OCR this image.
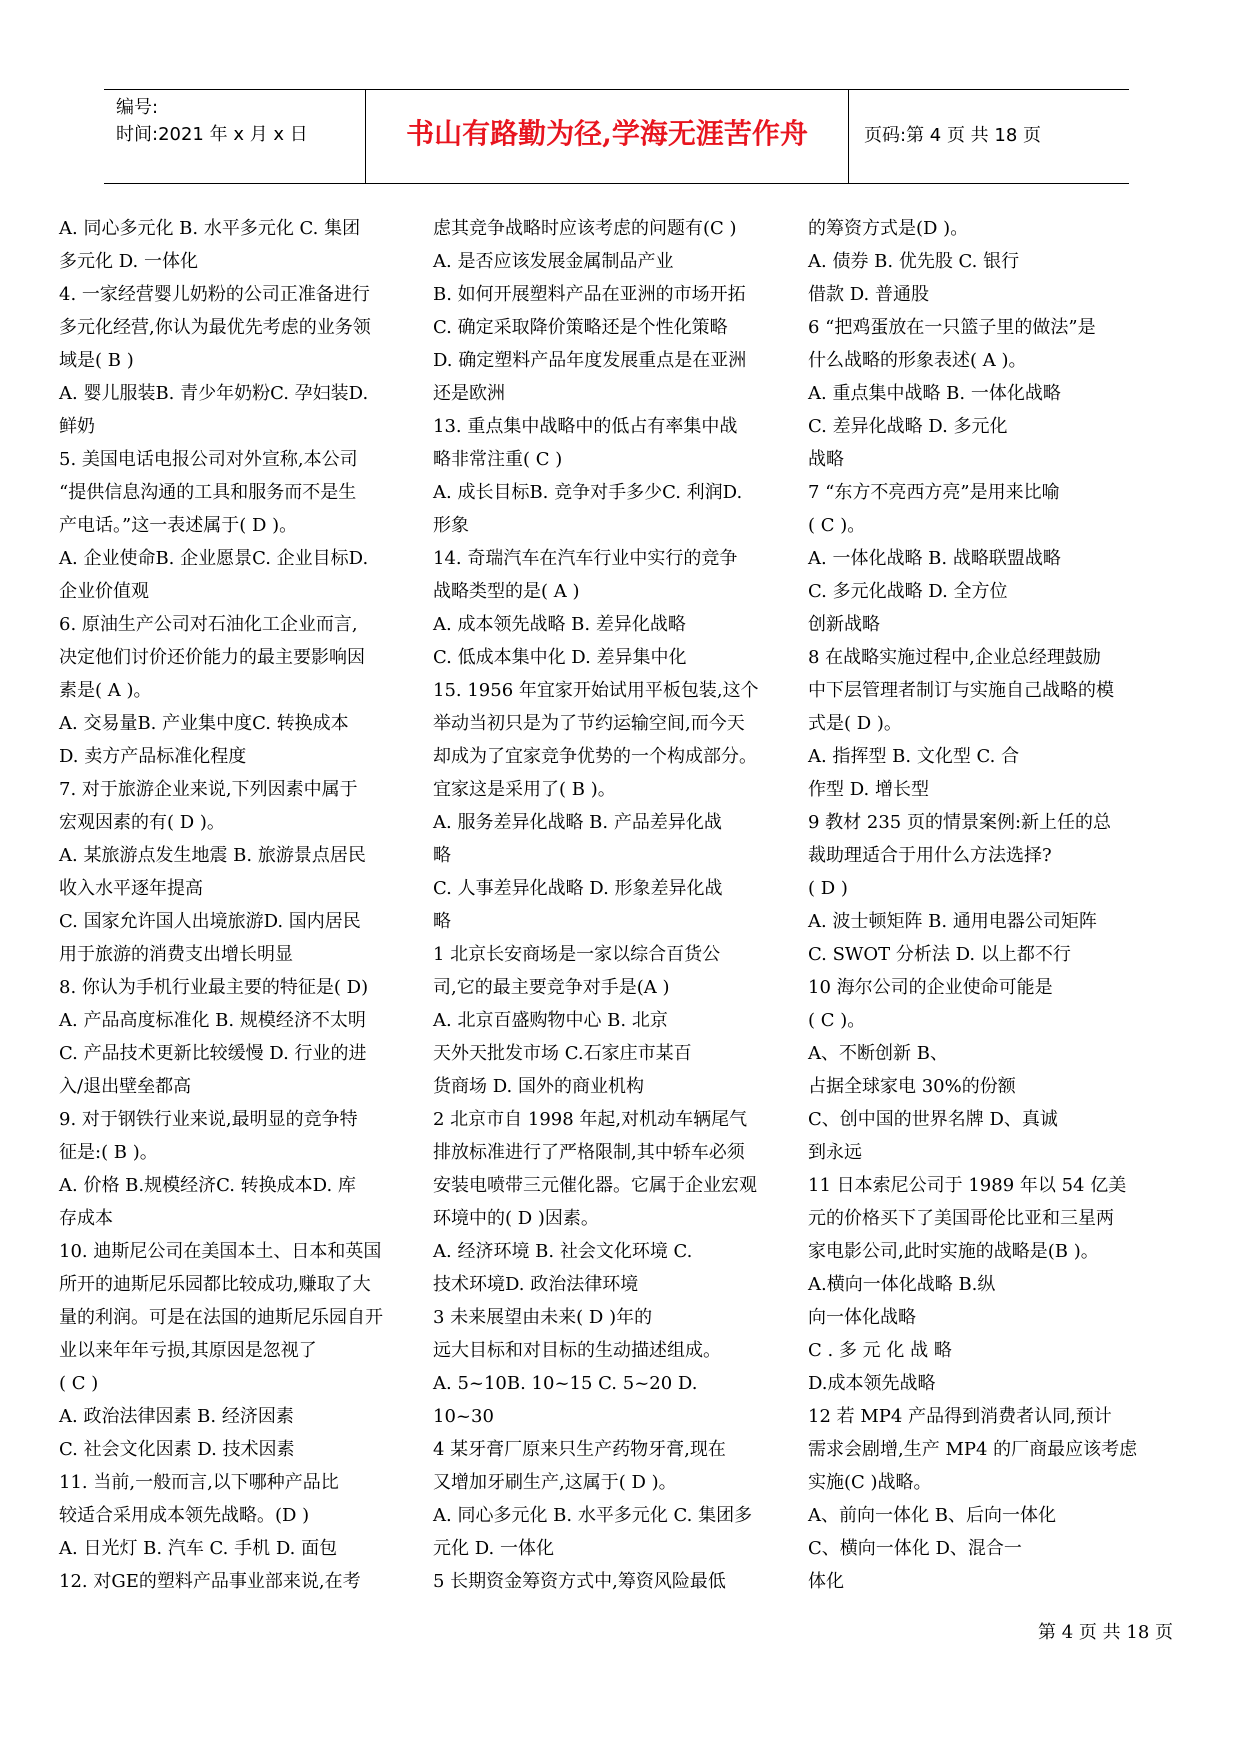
编号:
时间:2021 年 x 月 x 日	书山有路勤为径,学海无涯苦作舟	页码:第 4 页 共 18 页
A. 同心多元化 B. 水平多元化 C. 集团
多元化 D. 一体化
4. 一家经营婴儿奶粉的公司正准备进行
多元化经营,你认为最优先考虑的业务领
域是( B )
A. 婴儿服装B. 青少年奶粉C. 孕妇装D.
鲜奶
5. 美国电话电报公司对外宣称,本公司
“提供信息沟通的工具和服务而不是生
产电话。”这一表述属于( D )。
A. 企业使命B. 企业愿景C. 企业目标D.
企业价值观
6. 原油生产公司对石油化工企业而言,
决定他们讨价还价能力的最主要影响因
素是( A )。
A. 交易量B. 产业集中度C. 转换成本
D. 卖方产品标准化程度
7. 对于旅游企业来说,下列因素中属于
宏观因素的有( D )。
A. 某旅游点发生地震 B. 旅游景点居民
收入水平逐年提高
C. 国家允许国人出境旅游D. 国内居民
用于旅游的消费支出增长明显
8. 你认为手机行业最主要的特征是( D)
A. 产品高度标准化 B. 规模经济不太明
C. 产品技术更新比较缓慢 D. 行业的进
入/退出壁垒都高
9. 对于钢铁行业来说,最明显的竞争特
征是:( B )。
A. 价格 B.规模经济C. 转换成本D. 库
存成本
10. 迪斯尼公司在美国本土、日本和英国
所开的迪斯尼乐园都比较成功,赚取了大
量的利润。可是在法国的迪斯尼乐园自开
业以来年年亏损,其原因是忽视了
( C )
A. 政治法律因素 B. 经济因素
C. 社会文化因素 D. 技术因素
11. 当前,一般而言,以下哪种产品比
较适合采用成本领先战略。(D )
A. 日光灯 B. 汽车 C. 手机 D. 面包
12. 对GE的塑料产品事业部来说,在考
虑其竞争战略时应该考虑的问题有(C )
A. 是否应该发展金属制品产业
B. 如何开展塑料产品在亚洲的市场开拓
C. 确定采取降价策略还是个性化策略
D. 确定塑料产品年度发展重点是在亚洲
还是欧洲
13. 重点集中战略中的低占有率集中战
略非常注重( C )
A. 成长目标B. 竞争对手多少C. 利润D.
形象
14. 奇瑞汽车在汽车行业中实行的竞争
战略类型的是( A )
A. 成本领先战略 B. 差异化战略
C. 低成本集中化 D. 差异集中化
15. 1956 年宜家开始试用平板包装,这个
举动当初只是为了节约运输空间,而今天
却成为了宜家竞争优势的一个构成部分。
宜家这是采用了( B )。
A. 服务差异化战略 B. 产品差异化战
略
C. 人事差异化战略 D. 形象差异化战
略
1 北京长安商场是一家以综合百货公
司,它的最主要竞争对手是(A )
A. 北京百盛购物中心 B. 北京
天外天批发市场 C.石家庄市某百
货商场 D. 国外的商业机构
2 北京市自 1998 年起,对机动车辆尾气
排放标准进行了严格限制,其中轿车必须
安装电喷带三元催化器。它属于企业宏观
环境中的( D )因素。
A. 经济环境 B. 社会文化环境 C.
技术环境D. 政治法律环境
3 未来展望由未来( D )年的
远大目标和对目标的生动描述组成。
A. 5~10B. 10~15 C. 5~20 D.
10~30
4 某牙膏厂原来只生产药物牙膏,现在
又增加牙刷生产,这属于( D )。
A. 同心多元化 B. 水平多元化 C. 集团多
元化 D. 一体化
5 长期资金筹资方式中,筹资风险最低
的筹资方式是(D )。
A. 债券 B. 优先股 C. 银行
借款 D. 普通股
6 “把鸡蛋放在一只篮子里的做法”是
什么战略的形象表述( A )。
A. 重点集中战略 B. 一体化战略
C. 差异化战略 D. 多元化
战略
7 “东方不亮西方亮”是用来比喻
( C )。
A. 一体化战略 B. 战略联盟战略
C. 多元化战略 D. 全方位
创新战略
8 在战略实施过程中,企业总经理鼓励
中下层管理者制订与实施自己战略的模
式是( D )。
A. 指挥型 B. 文化型 C. 合
作型 D. 增长型
9 教材 235 页的情景案例:新上任的总
裁助理适合于用什么方法选择?
( D )
A. 波士顿矩阵 B. 通用电器公司矩阵
C. SWOT 分析法 D. 以上都不行
10 海尔公司的企业使命可能是
( C )。
A、不断创新 B、
占据全球家电 30%的份额
C、创中国的世界名牌 D、真诚
到永远
11 日本索尼公司于 1989 年以 54 亿美
元的价格买下了美国哥伦比亚和三星两
家电影公司,此时实施的战略是(B )。
A.横向一体化战略 B.纵
向一体化战略
C . 多 元 化 战 略
D.成本领先战略
12 若 MP4 产品得到消费者认同,预计
需求会剧增,生产 MP4 的厂商最应该考虑
实施(C )战略。
A、前向一体化 B、后向一体化
C、横向一体化 D、混合一
体化
第 4 页 共 18 页
